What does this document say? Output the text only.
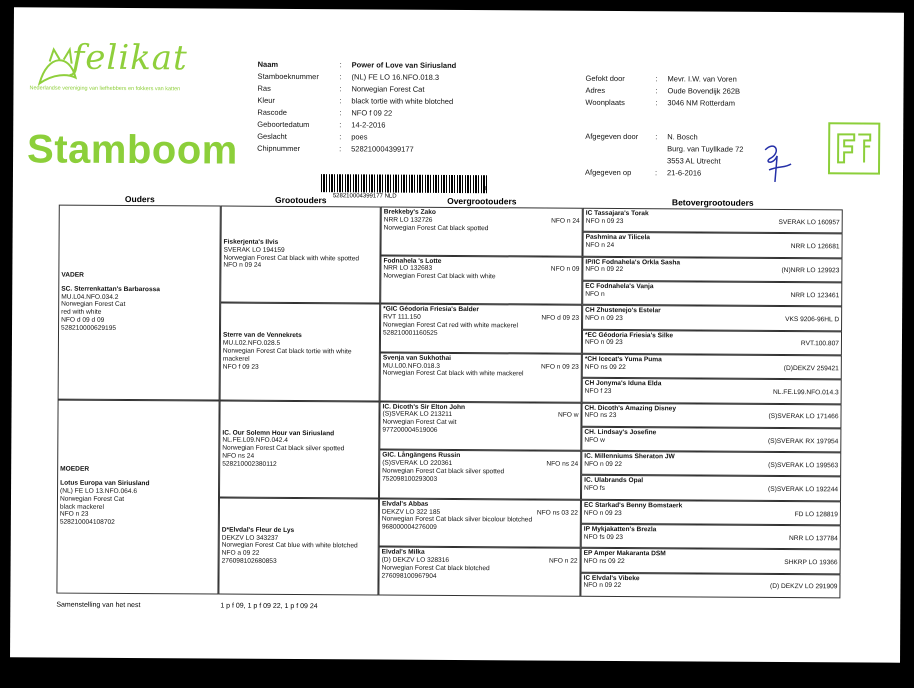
felikat
Nederlandse vereniging van liefhebbers en fokkers van katten
Stamboom
Naam	:	Power of Love van Siriusland
Stamboeknummer	:	(NL) FE LO 16.NFO.018.3
Ras	:	Norwegian Forest Cat
Kleur	:	black tortie with white blotched
Rascode	:	NFO f 09 22
Geboortedatum	:	14-2-2016
Geslacht	:	poes
Chipnummer	:	528210004399177
Gefokt door	:	Mevr. I.W. van Voren
Adres	:	Oude Bovendijk 262B
Woonplaats	:	3046 NM Rotterdam
Afgegeven door	:	N. Bosch
Burg. van Tuyllkade 72
3553 AL Utrecht
Afgegeven op	:	21-6-2016
528210004399177 NLD
3
Ouders	Grootouders	Overgrootouders	Betovergrootouders
VADER
SC. Sterrenkattan's Barbarossa
MU.L04.NFO.034.2
Norwegian Forest Cat
red with white
NFO d 09 d 09
528210000629195
MOEDER
Lotus Europa van Siriusland
(NL) FE LO 13.NFO.064.6
Norwegian Forest Cat
black mackerel
NFO n 23
528210004108702
Fiskerjenta's Ilvis
SVERAK LO 194159
Norwegian Forest Cat black with white spotted
NFO n 09 24
Sterre van de Vennekrets
MU.L02.NFO.028.5
Norwegian Forest Cat black tortie with white mackerel
NFO f 09 23
IC. Our Solemn Hour van Siriusland
NL.FE.L09.NFO.042.4
Norwegian Forest Cat black silver spotted
NFO ns 24
528210002380112
D*Elvdal's Fleur de Lys
DEKZV LO 343237
Norwegian Forest Cat blue with white blotched
NFO a 09 22
276098102680853
Brekkeby's Zako
NRR LO 132726	NFO n 24
Norwegian Forest Cat black spotted
Fodnahela 's Lotte
NRR LO 132683	NFO n 09
Norwegian Forest Cat black with white
*GIC Géodoria Friesia's Balder
RVT 111.150	NFO d 09 23
Norwegian Forest Cat red with white mackerel
528210001160525
Svenja van Sukhothai
MU.L00.NFO.018.3	NFO n 09 23
Norwegian Forest Cat black with white mackerel
IC. Dicoth's Sir Elton John
(S)SVERAK LO 213211	NFO w
Norwegian Forest Cat wit
977200004519006
GIC. Långängens Russin
(S)SVERAK LO 220361	NFO ns 24
Norwegian Forest Cat black silver spotted
752098100293003
Elvdal's Abbas
DEKZV LO 322 185	NFO ns 03 22
Norwegian Forest Cat black silver bicolour blotched
968000004276009
Elvdal's Milka
(D) DEKZV LO 328316	NFO n 22
Norwegian Forest Cat black blotched
276098100967904
IC Tassajara's Torak
NFO n 09 23	SVERAK LO 160957
Pashmina av Tilicela
NFO n 24	NRR LO 126681
IP/IC Fodnahela's Orkla Sasha
NFO n 09 22	(N)NRR LO 129923
EC Fodnahela's Vanja
NFO n	NRR LO 123461
CH Zhustenejo's Estelar
NFO n 09 23	VKS 9206-96HL D
*EC Géodoria Friesia's Silke
NFO n 09 23	RVT.100.807
*CH Icecat's Yuma Puma
NFO ns 09 22	(D)DEKZV 259421
CH Jonyma's Iduna Elda
NFO f 23	NL.FE.L99.NFO.014.3
CH. Dicoth's Amazing Disney
NFO ns 23	(S)SVERAK LO 171466
CH. Lindsay's Josefine
NFO w	(S)SVERAK RX 197954
IC. Millenniums Sheraton JW
NFO n 09 22	(S)SVERAK LO 199563
IC. Ulabrands Opal
NFO fs	(S)SVERAK LO 192244
EC Starkad's Benny Bomstaerk
NFO n 09 23	FD LO 128819
IP Mykjakatten's Brezla
NFO fs 09 23	NRR LO 137784
EP Amper Makaranta DSM
NFO ns 09 22	SHKRP LO 19366
IC Elvdal's Vibeke
NFO n 09 22	(D) DEKZV LO 291909
Samenstelling van het nest	1 p f 09, 1 p f 09 22, 1 p f 09 24
